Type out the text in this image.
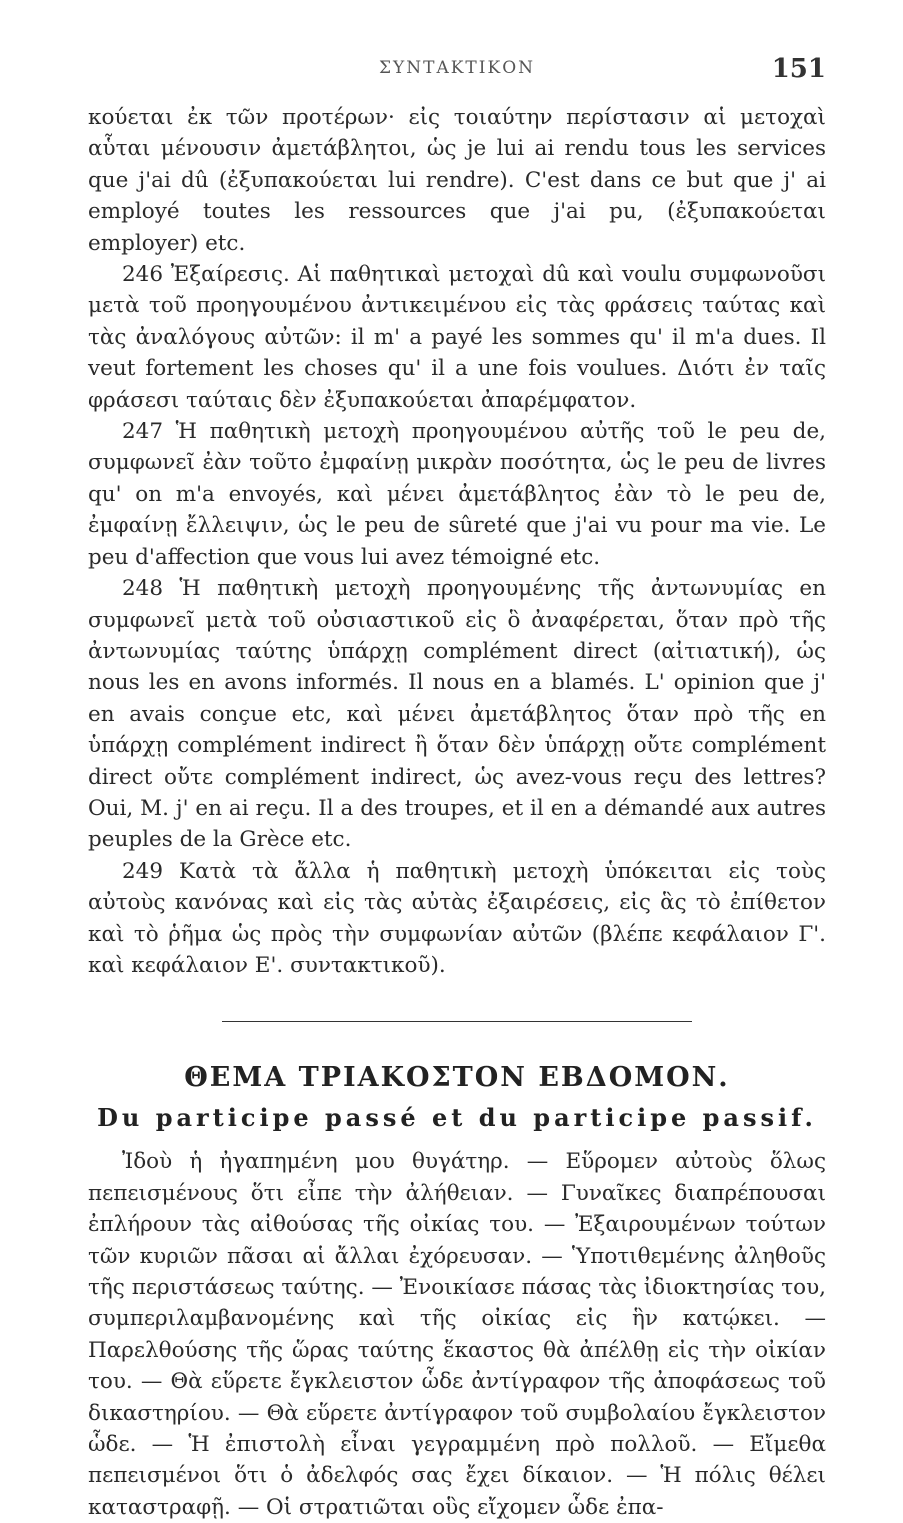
ΣΥΝΤΑΚΤΙΚΟΝ	151

κούεται ἐκ τῶν προτέρων· εἰς τοιαύτην περίστασιν αἱ μετοχαὶ αὗται μένουσιν ἀμετάβλητοι, ὡς je lui ai rendu tous les services que j'ai dû (ἐξυπακούεται lui rendre). C'est dans ce but que j' ai employé toutes les ressources que j'ai pu, (ἐξυπακούεται employer) etc.

246 Ἐξαίρεσις. Αἱ παθητικαὶ μετοχαὶ dû καὶ voulu συμφωνοῦσι μετὰ τοῦ προηγουμένου ἀντικειμένου εἰς τὰς φράσεις ταύτας καὶ τὰς ἀναλόγους αὐτῶν: il m' a payé les sommes qu' il m'a dues. Il veut fortement les choses qu' il a une fois voulues. Διότι ἐν ταῖς φράσεσι ταύταις δὲν ἐξυπακούεται ἀπαρέμφατον.

247 Ἡ παθητικὴ μετοχὴ προηγουμένου αὐτῆς τοῦ le peu de, συμφωνεῖ ἐὰν τοῦτο ἐμφαίνῃ μικρὰν ποσότητα, ὡς le peu de livres qu' on m'a envoyés, καὶ μένει ἀμετάβλητος ἐὰν τὸ le peu de, ἐμφαίνῃ ἔλλειψιν, ὡς le peu de sûreté que j'ai vu pour ma vie. Le peu d'affection que vous lui avez témoigné etc.

248 Ἡ παθητικὴ μετοχὴ προηγουμένης τῆς ἀντωνυμίας en συμφωνεῖ μετὰ τοῦ οὐσιαστικοῦ εἰς ὃ ἀναφέρεται, ὅταν πρὸ τῆς ἀντωνυμίας ταύτης ὑπάρχῃ complément direct (αἰτιατική), ὡς nous les en avons informés. Il nous en a blamés. L' opinion que j' en avais conçue etc, καὶ μένει ἀμετάβλητος ὅταν πρὸ τῆς en ὑπάρχῃ complément indirect ἢ ὅταν δὲν ὑπάρχῃ οὔτε complément direct οὔτε complément indirect, ὡς avez-vous reçu des lettres? Oui, M. j' en ai reçu. Il a des troupes, et il en a démandé aux autres peuples de la Grèce etc.

249 Κατὰ τὰ ἄλλα ἡ παθητικὴ μετοχὴ ὑπόκειται εἰς τοὺς αὐτοὺς κανόνας καὶ εἰς τὰς αὐτὰς ἐξαιρέσεις, εἰς ἃς τὸ ἐπίθετον καὶ τὸ ῥῆμα ὡς πρὸς τὴν συμφωνίαν αὐτῶν (βλέπε κεφάλαιον Γ'. καὶ κεφάλαιον Ε'. συντακτικοῦ).

ΘΕΜΑ ΤΡΙΑΚΟΣΤΟΝ ΕΒΔΟΜΟΝ.
Du participe passé et du participe passif.

Ἰδοὺ ἡ ἠγαπημένη μου θυγάτηρ. — Εὕρομεν αὐτοὺς ὅλως πεπεισμένους ὅτι εἶπε τὴν ἀλήθειαν. — Γυναῖκες διαπρέπουσαι ἐπλήρουν τὰς αἰθούσας τῆς οἰκίας του. — Ἐξαιρουμένων τούτων τῶν κυριῶν πᾶσαι αἱ ἄλλαι ἐχόρευσαν. — Ὑποτιθεμένης ἀληθοῦς τῆς περιστάσεως ταύτης. — Ἐνοικίασε πάσας τὰς ἰδιοκτησίας του, συμπεριλαμβανομένης καὶ τῆς οἰκίας εἰς ἣν κατῴκει. — Παρελθούσης τῆς ὥρας ταύτης ἕκαστος θὰ ἀπέλθῃ εἰς τὴν οἰκίαν του. — Θὰ εὕρετε ἔγκλειστον ὧδε ἀντίγραφον τῆς ἀποφάσεως τοῦ δικαστηρίου. — Θὰ εὕρετε ἀντίγραφον τοῦ συμβολαίου ἔγκλειστον ὧδε. — Ἡ ἐπιστολὴ εἶναι γεγραμμένη πρὸ πολλοῦ. — Εἴμεθα πεπεισμένοι ὅτι ὁ ἀδελφός σας ἔχει δίκαιον. — Ἡ πόλις θέλει καταστραφῇ. — Οἱ στρατιῶται οὓς εἴχομεν ὧδε ἐπα-
